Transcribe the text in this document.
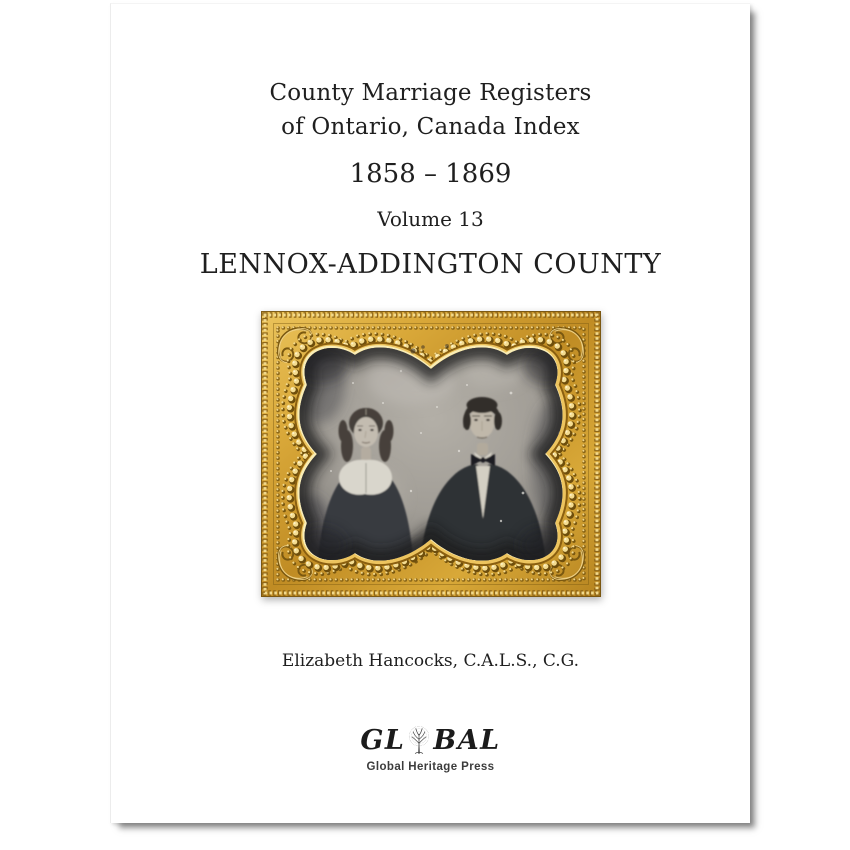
County Marriage Registers
of Ontario, Canada Index
1858 – 1869
Volume 13
LENNOX-ADDINGTON COUNTY
Elizabeth Hancocks, C.A.L.S., C.G.
GL BAL
Global Heritage Press
